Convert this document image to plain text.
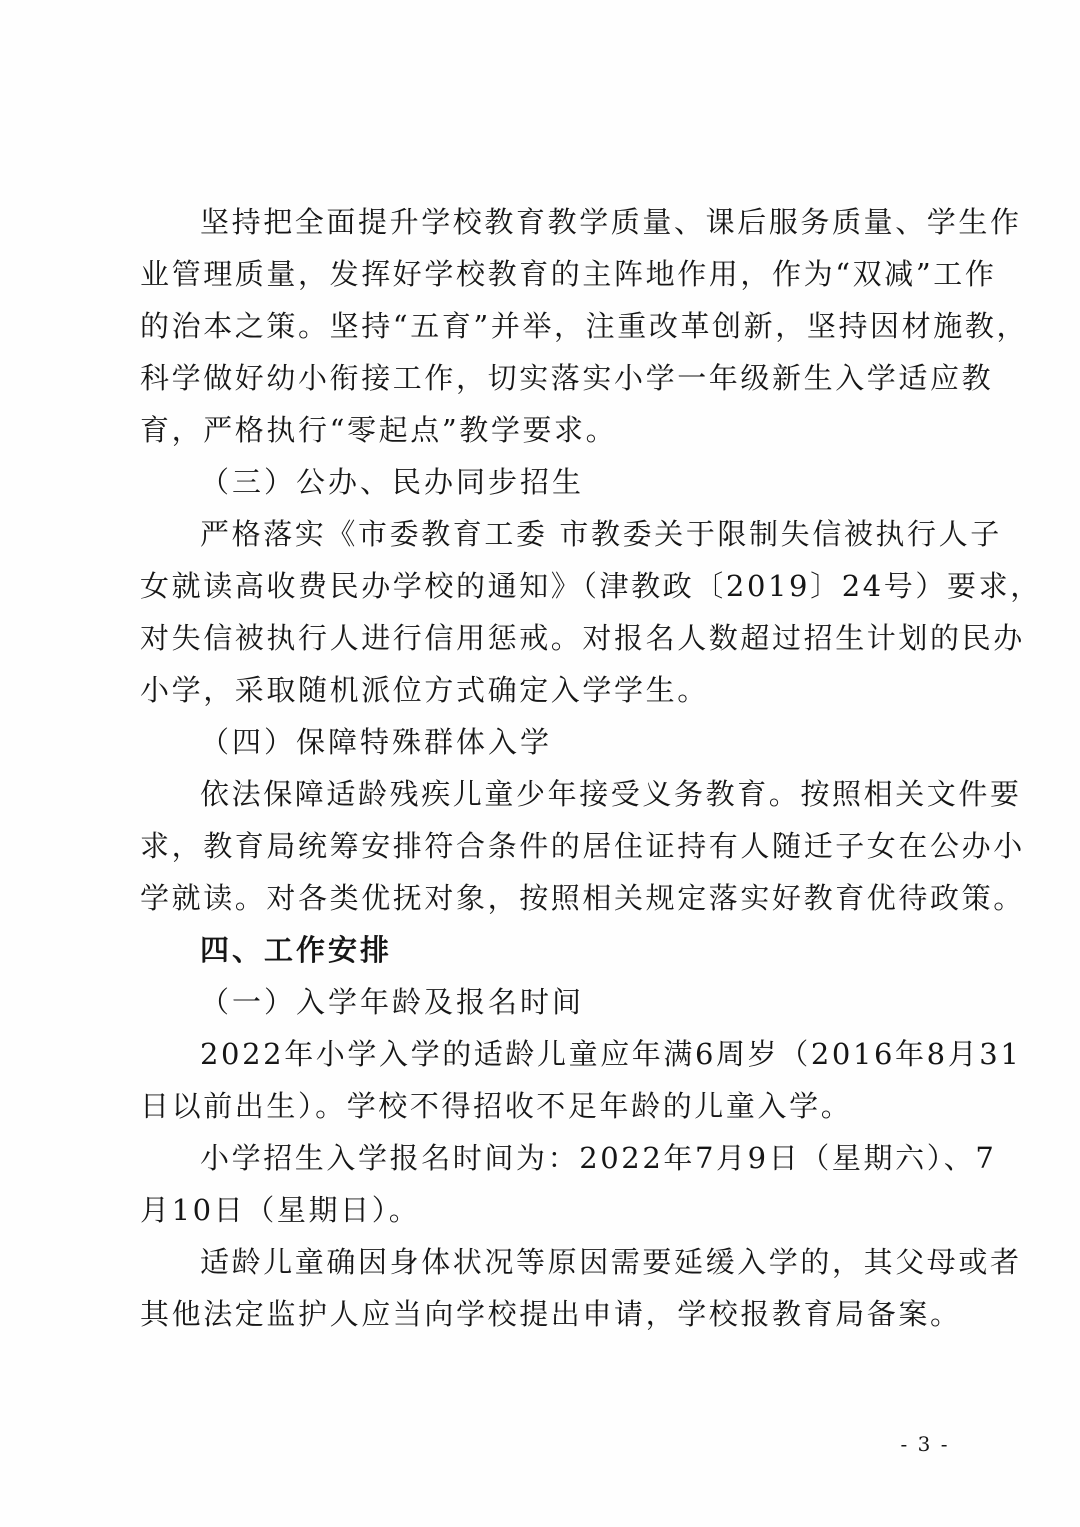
坚持把全面提升学校教育教学质量、课后服务质量、学生作
业管理质量，发挥好学校教育的主阵地作用，作为“双减”工作
的治本之策。坚持“五育”并举，注重改革创新，坚持因材施教，
科学做好幼小衔接工作，切实落实小学一年级新生入学适应教
育，严格执行“零起点”教学要求。
（三）公办、民办同步招生
严格落实《市委教育工委 市教委关于限制失信被执行人子
女就读高收费民办学校的通知》（津教政〔2019〕24号）要求，
对失信被执行人进行信用惩戒。对报名人数超过招生计划的民办
小学，采取随机派位方式确定入学学生。
（四）保障特殊群体入学
依法保障适龄残疾儿童少年接受义务教育。按照相关文件要
求，教育局统筹安排符合条件的居住证持有人随迁子女在公办小
学就读。对各类优抚对象，按照相关规定落实好教育优待政策。
四、工作安排
（一）入学年龄及报名时间
2022年小学入学的适龄儿童应年满6周岁（2016年8月31
日以前出生）。学校不得招收不足年龄的儿童入学。
小学招生入学报名时间为：2022年7月9日（星期六）、7
月10日（星期日）。
适龄儿童确因身体状况等原因需要延缓入学的，其父母或者
其他法定监护人应当向学校提出申请，学校报教育局备案。
- 3 -
